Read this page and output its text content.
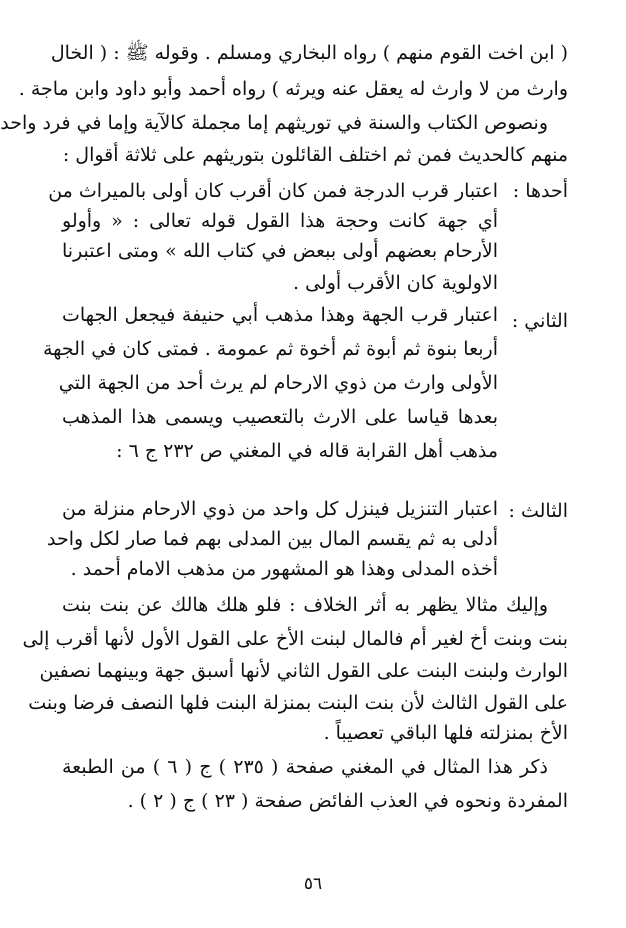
( ابن اخت القوم منهم ) رواه البخاري ومسلم . وقوله ﷺ : ( الخال
وارث من لا وارث له يعقل عنه ويرثه ) رواه أحمد وأبو داود وابن ماجة .
ونصوص الكتاب والسنة في توريثهم إما مجملة كالآية وإما في فرد واحد
منهم كالحديث فمن ثم اختلف القائلون بتوريثهم على ثلاثة أقوال :
أحدها :
اعتبار قرب الدرجة فمن كان أقرب كان أولى بالميراث من
أي جهة كانت وحجة هذا القول قوله تعالى : « وأولو
الأرحام بعضهم أولى ببعض في كتاب الله » ومتى اعتبرنا
الاولوية كان الأقرب أولى .
الثاني :
اعتبار قرب الجهة وهذا مذهب أبي حنيفة فيجعل الجهات
أربعا بنوة ثم أبوة ثم أخوة ثم عمومة . فمتى كان في الجهة
الأولى وارث من ذوي الارحام لم يرث أحد من الجهة التي
بعدها قياسا على الارث بالتعصيب ويسمى هذا المذهب
مذهب أهل القرابة قاله في المغني ص ٢٣٢ ج ٦ :
الثالث :
اعتبار التنزيل فينزل كل واحد من ذوي الارحام منزلة من
أدلى به ثم يقسم المال بين المدلى بهم فما صار لكل واحد
أخذه المدلى وهذا هو المشهور من مذهب الامام أحمد .
وإليك مثالا يظهر به أثر الخلاف : فلو هلك هالك عن بنت بنت
بنت وبنت أخ لغير أم فالمال لبنت الأخ على القول الأول لأنها أقرب إلى
الوارث ولبنت البنت على القول الثاني لأنها أسبق جهة وبينهما نصفين
على القول الثالث لأن بنت البنت بمنزلة البنت فلها النصف فرضا وبنت
الأخ بمنزلته فلها الباقي تعصيباً .
ذكر هذا المثال في المغني صفحة ( ٢٣٥ ) ج ( ٦ ) من الطبعة
المفردة ونحوه في العذب الفائض صفحة ( ٢٣ ) ج ( ٢ ) .
٥٦
